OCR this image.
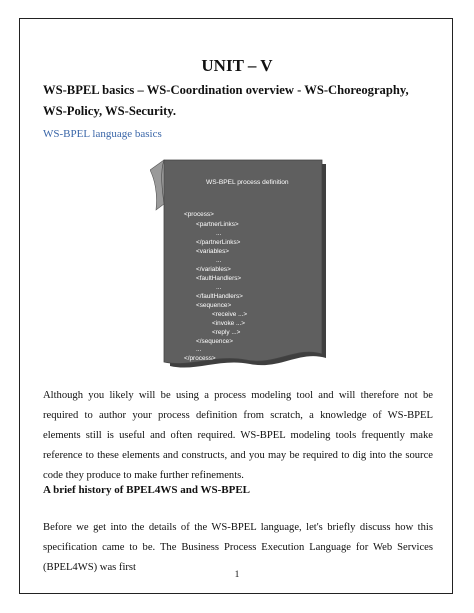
UNIT – V
WS-BPEL basics – WS-Coordination overview - WS-Choreography, WS-Policy, WS-Security.
WS-BPEL language basics
WS-BPEL process definition
<process>
<partnerLinks>
...
</partnerLinks>
<variables>
...
</variables>
<faultHandlers>
...
</faultHandlers>
<sequence>
<receive ...>
<invoke ...>
<reply ...>
</sequence>
...
</process>
Although you likely will be using a process modeling tool and will therefore not be required to author your process definition from scratch, a knowledge of WS-BPEL elements still is useful and often required. WS-BPEL modeling tools frequently make reference to these elements and constructs, and you may be required to dig into the source code they produce to make further refinements.
A brief history of BPEL4WS and WS-BPEL
Before we get into the details of the WS-BPEL language, let's briefly discuss how this specification came to be. The Business Process Execution Language for Web Services (BPEL4WS) was first
1
